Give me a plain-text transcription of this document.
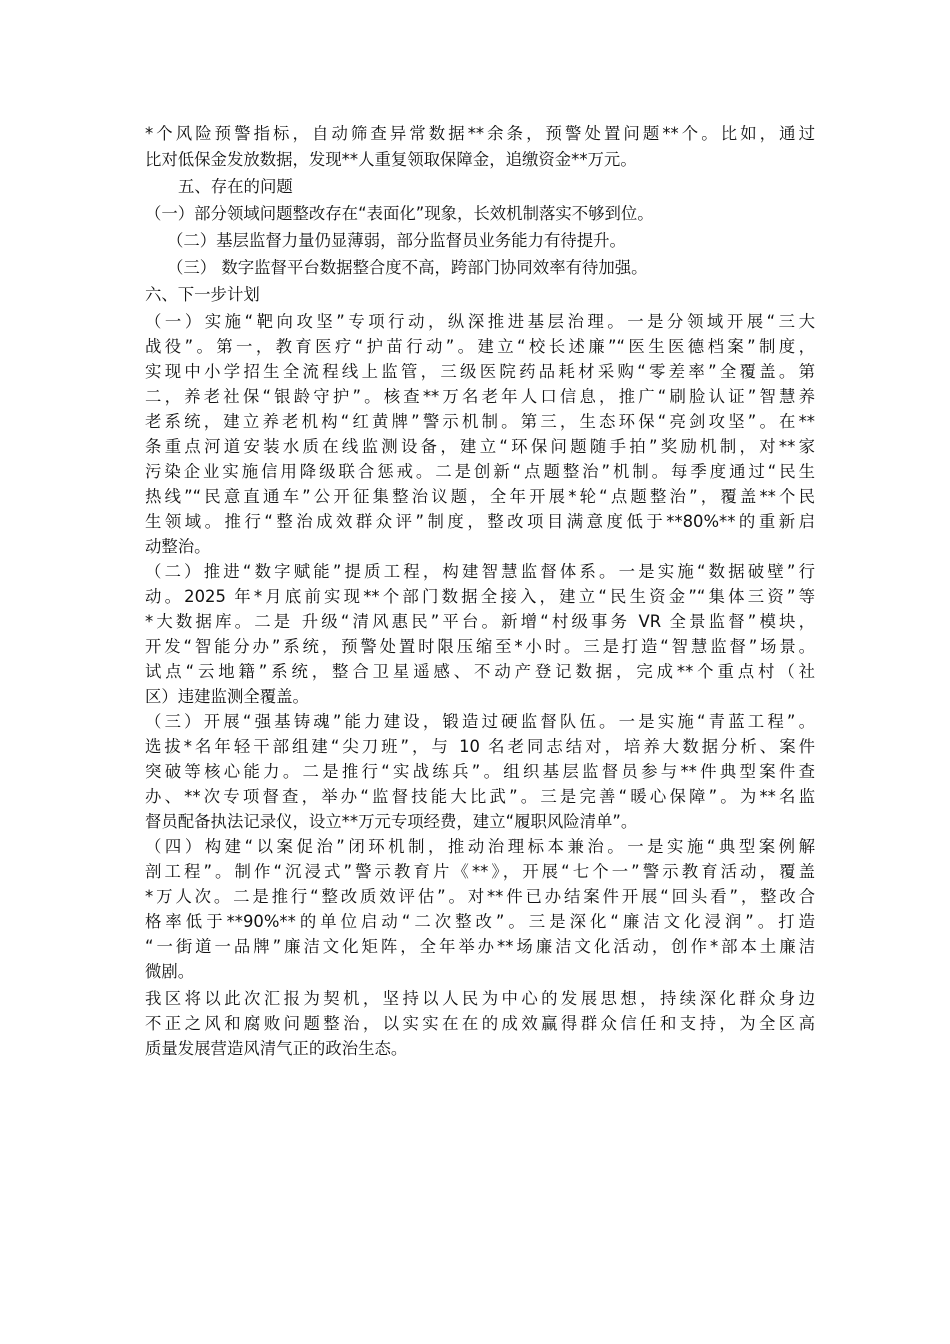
*个风险预警指标，自动筛查异常数据**余条，预警处置问题**个。比如，通过
比对低保金发放数据，发现**人重复领取保障金，追缴资金**万元。
五、存在的问题
（一）部分领域问题整改存在“表面化”现象，长效机制落实不够到位。
（二）基层监督力量仍显薄弱，部分监督员业务能力有待提升。
（三） 数字监督平台数据整合度不高，跨部门协同效率有待加强。
六、下一步计划
（一）实施“靶向攻坚”专项行动，纵深推进基层治理。一是分领域开展“三大
战役”。第一，教育医疗“护苗行动”。建立“校长述廉”“医生医德档案”制度，
实现中小学招生全流程线上监管，三级医院药品耗材采购“零差率”全覆盖。第
二，养老社保“银龄守护”。核查**万名老年人口信息，推广“刷脸认证”智慧养
老系统，建立养老机构“红黄牌”警示机制。第三，生态环保“亮剑攻坚”。在**
条重点河道安装水质在线监测设备，建立“环保问题随手拍”奖励机制，对**家
污染企业实施信用降级联合惩戒。二是创新“点题整治”机制。每季度通过“民生
热线”“民意直通车”公开征集整治议题，全年开展*轮“点题整治”，覆盖**个民
生领域。推行“整治成效群众评”制度，整改项目满意度低于**80%**的重新启
动整治。
（二）推进“数字赋能”提质工程，构建智慧监督体系。一是实施“数据破壁”行
动。2025 年*月底前实现**个部门数据全接入，建立“民生资金”“集体三资”等
*大数据库。二是 升级“清风惠民”平台。新增“村级事务 VR 全景监督”模块，
开发“智能分办”系统，预警处置时限压缩至*小时。三是打造“智慧监督”场景。
试点“云地籍”系统，整合卫星遥感、不动产登记数据，完成**个重点村（社
区）违建监测全覆盖。
（三）开展“强基铸魂”能力建设，锻造过硬监督队伍。一是实施“青蓝工程”。
选拔*名年轻干部组建“尖刀班”，与 10 名老同志结对，培养大数据分析、案件
突破等核心能力。二是推行“实战练兵”。组织基层监督员参与**件典型案件查
办、**次专项督查，举办“监督技能大比武”。三是完善“暖心保障”。为**名监
督员配备执法记录仪，设立**万元专项经费，建立“履职风险清单”。
（四）构建“以案促治”闭环机制，推动治理标本兼治。一是实施“典型案例解
剖工程”。制作“沉浸式”警示教育片《**》，开展“七个一”警示教育活动，覆盖
*万人次。二是推行“整改质效评估”。对**件已办结案件开展“回头看”，整改合
格率低于**90%**的单位启动“二次整改”。三是深化“廉洁文化浸润”。打造
“一街道一品牌”廉洁文化矩阵，全年举办**场廉洁文化活动，创作*部本土廉洁
微剧。
我区将以此次汇报为契机，坚持以人民为中心的发展思想，持续深化群众身边
不正之风和腐败问题整治，以实实在在的成效赢得群众信任和支持，为全区高
质量发展营造风清气正的政治生态。
